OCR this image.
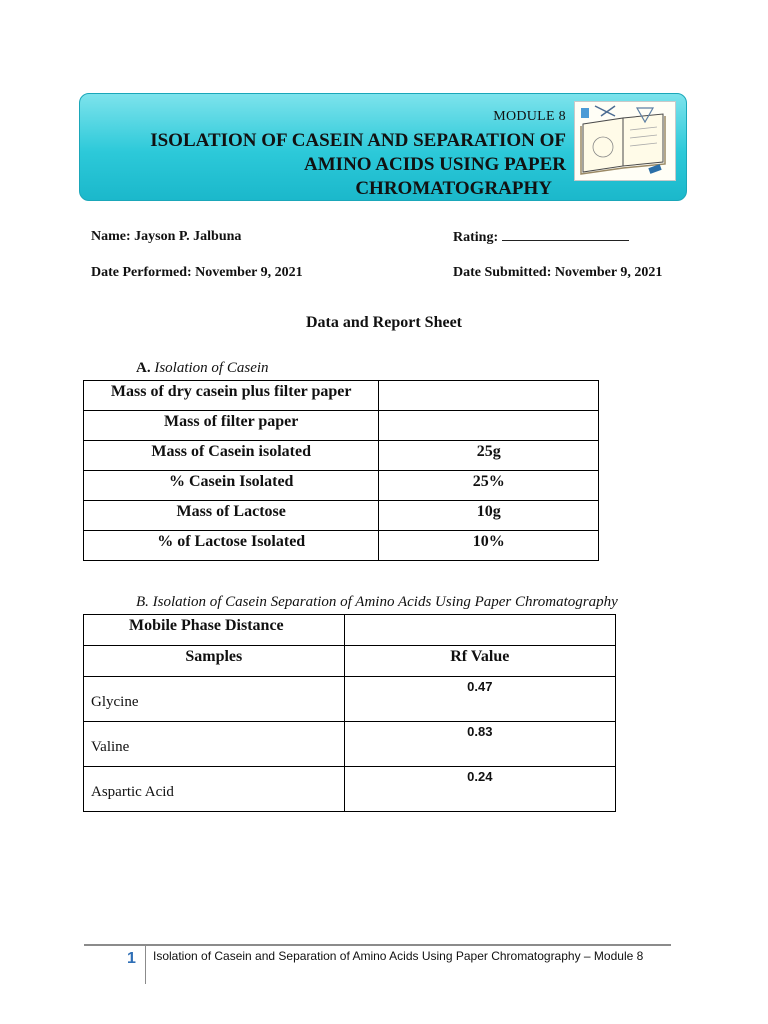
MODULE 8
ISOLATION OF CASEIN AND SEPARATION OF
AMINO ACIDS USING PAPER
CHROMATOGRAPHY
Name: Jayson P. Jalbuna	Rating:
Date Performed: November 9, 2021	Date Submitted: November 9, 2021
Data and Report Sheet
A. Isolation of Casein
Mass of dry casein plus filter paper	
Mass of filter paper	
Mass of Casein isolated	25g
% Casein Isolated	25%
Mass of Lactose	10g
% of Lactose Isolated	10%
B. Isolation of Casein Separation of Amino Acids Using Paper Chromatography
Mobile Phase Distance	
Samples	Rf Value
Glycine	0.47
Valine	0.83
Aspartic Acid	0.24
1 Isolation of Casein and Separation of Amino Acids Using Paper Chromatography – Module 8
